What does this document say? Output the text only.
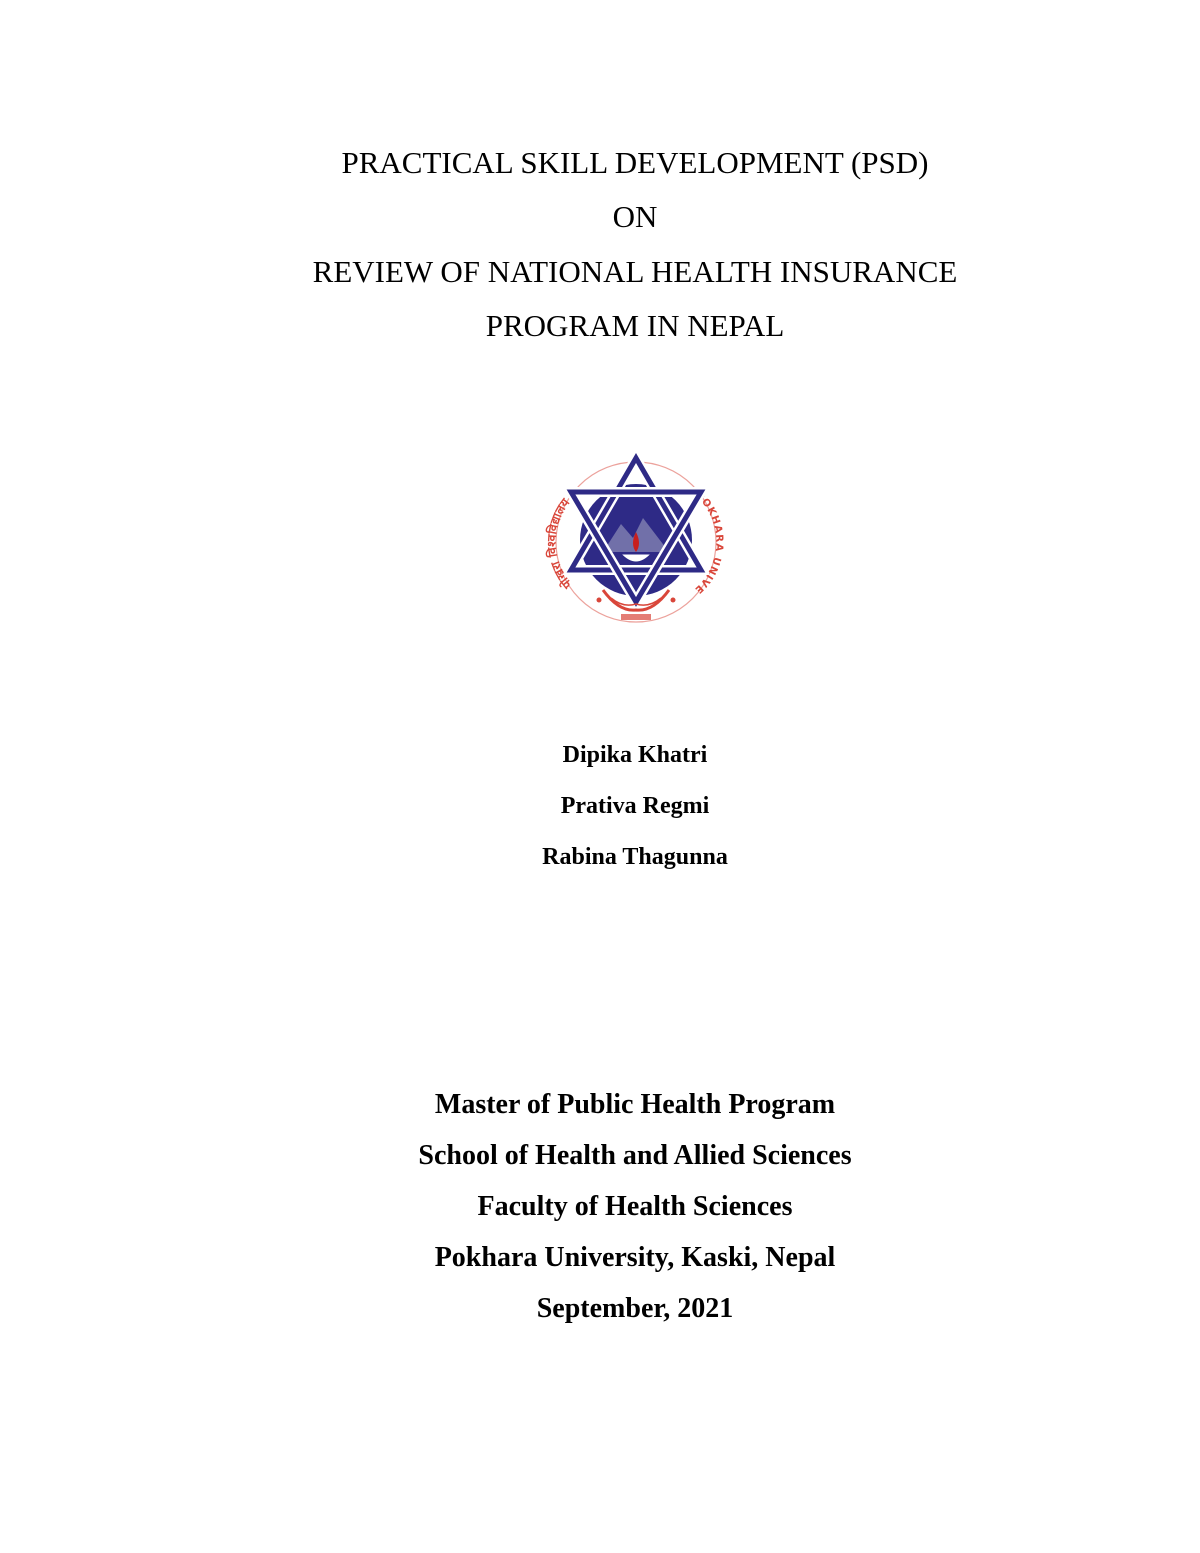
PRACTICAL SKILL DEVELOPMENT (PSD)
ON
REVIEW OF NATIONAL HEALTH INSURANCE
PROGRAM IN NEPAL
पोखरा विश्वविद्यालय	POKHARA UNIVE
Dipika Khatri
Prativa Regmi
Rabina Thagunna
Master of Public Health Program
School of Health and Allied Sciences
Faculty of Health Sciences
Pokhara University, Kaski, Nepal
September, 2021
